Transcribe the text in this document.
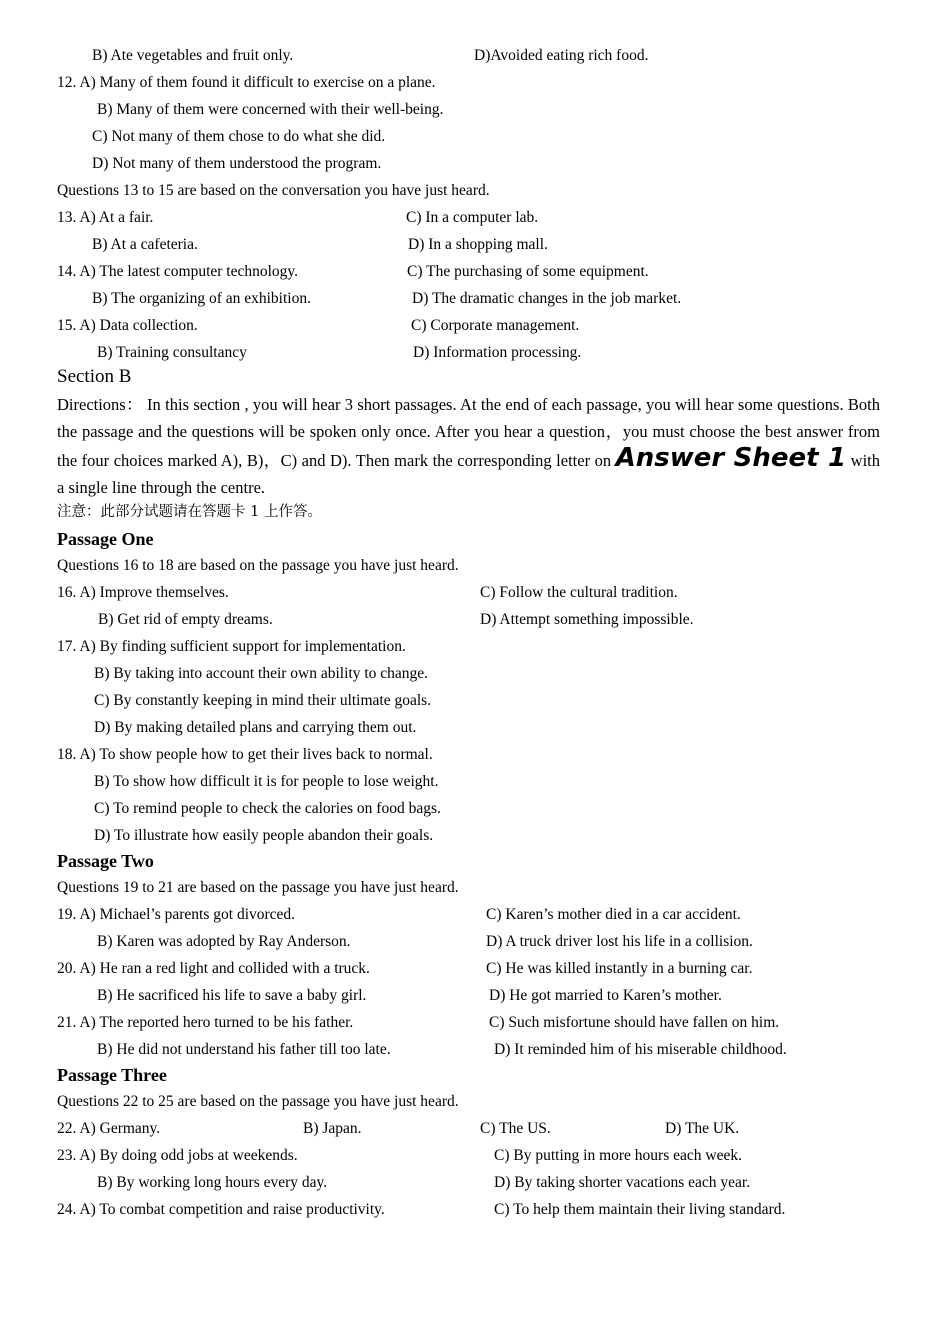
B) Ate vegetables and fruit only.	D)Avoided eating rich food.
12. A) Many of them found it difficult to exercise on a plane.
B) Many of them were concerned with their well-being.
C) Not many of them chose to do what she did.
D) Not many of them understood the program.
Questions 13 to 15 are based on the conversation you have just heard.
13. A) At a fair.	C) In a computer lab.
B) At a cafeteria.	D) In a shopping mall.
14. A) The latest computer technology.	C) The purchasing of some equipment.
B) The organizing of an exhibition.	D) The dramatic changes in the job market.
15. A) Data collection.	C) Corporate management.
B) Training consultancy	D) Information processing.
Section B
Directions： In this section , you will hear 3 short passages. At the end of each passage, you will hear some questions. Both the passage and the questions will be spoken only once. After you hear a question，you must choose the best answer from the four choices marked A), B)，C) and D). Then mark the corresponding letter on Answer Sheet 1 with a single line through the centre.
注意：此部分试题请在答题卡 1 上作答。
Passage One
Questions 16 to 18 are based on the passage you have just heard.
16. A) Improve themselves.	C) Follow the cultural tradition.
B) Get rid of empty dreams.	D) Attempt something impossible.
17. A) By finding sufficient support for implementation.
B) By taking into account their own ability to change.
C) By constantly keeping in mind their ultimate goals.
D) By making detailed plans and carrying them out.
18. A) To show people how to get their lives back to normal.
B) To show how difficult it is for people to lose weight.
C) To remind people to check the calories on food bags.
D) To illustrate how easily people abandon their goals.
Passage Two
Questions 19 to 21 are based on the passage you have just heard.
19. A) Michael’s parents got divorced.	C) Karen’s mother died in a car accident.
B) Karen was adopted by Ray Anderson.	D) A truck driver lost his life in a collision.
20. A) He ran a red light and collided with a truck.	C) He was killed instantly in a burning car.
B) He sacrificed his life to save a baby girl.	D) He got married to Karen’s mother.
21. A) The reported hero turned to be his father.	C) Such misfortune should have fallen on him.
B) He did not understand his father till too late.	D) It reminded him of his miserable childhood.
Passage Three
Questions 22 to 25 are based on the passage you have just heard.
22. A) Germany.	B) Japan.	C) The US.	D) The UK.
23. A) By doing odd jobs at weekends.	C) By putting in more hours each week.
B) By working long hours every day.	D) By taking shorter vacations each year.
24. A) To combat competition and raise productivity.	C) To help them maintain their living standard.
